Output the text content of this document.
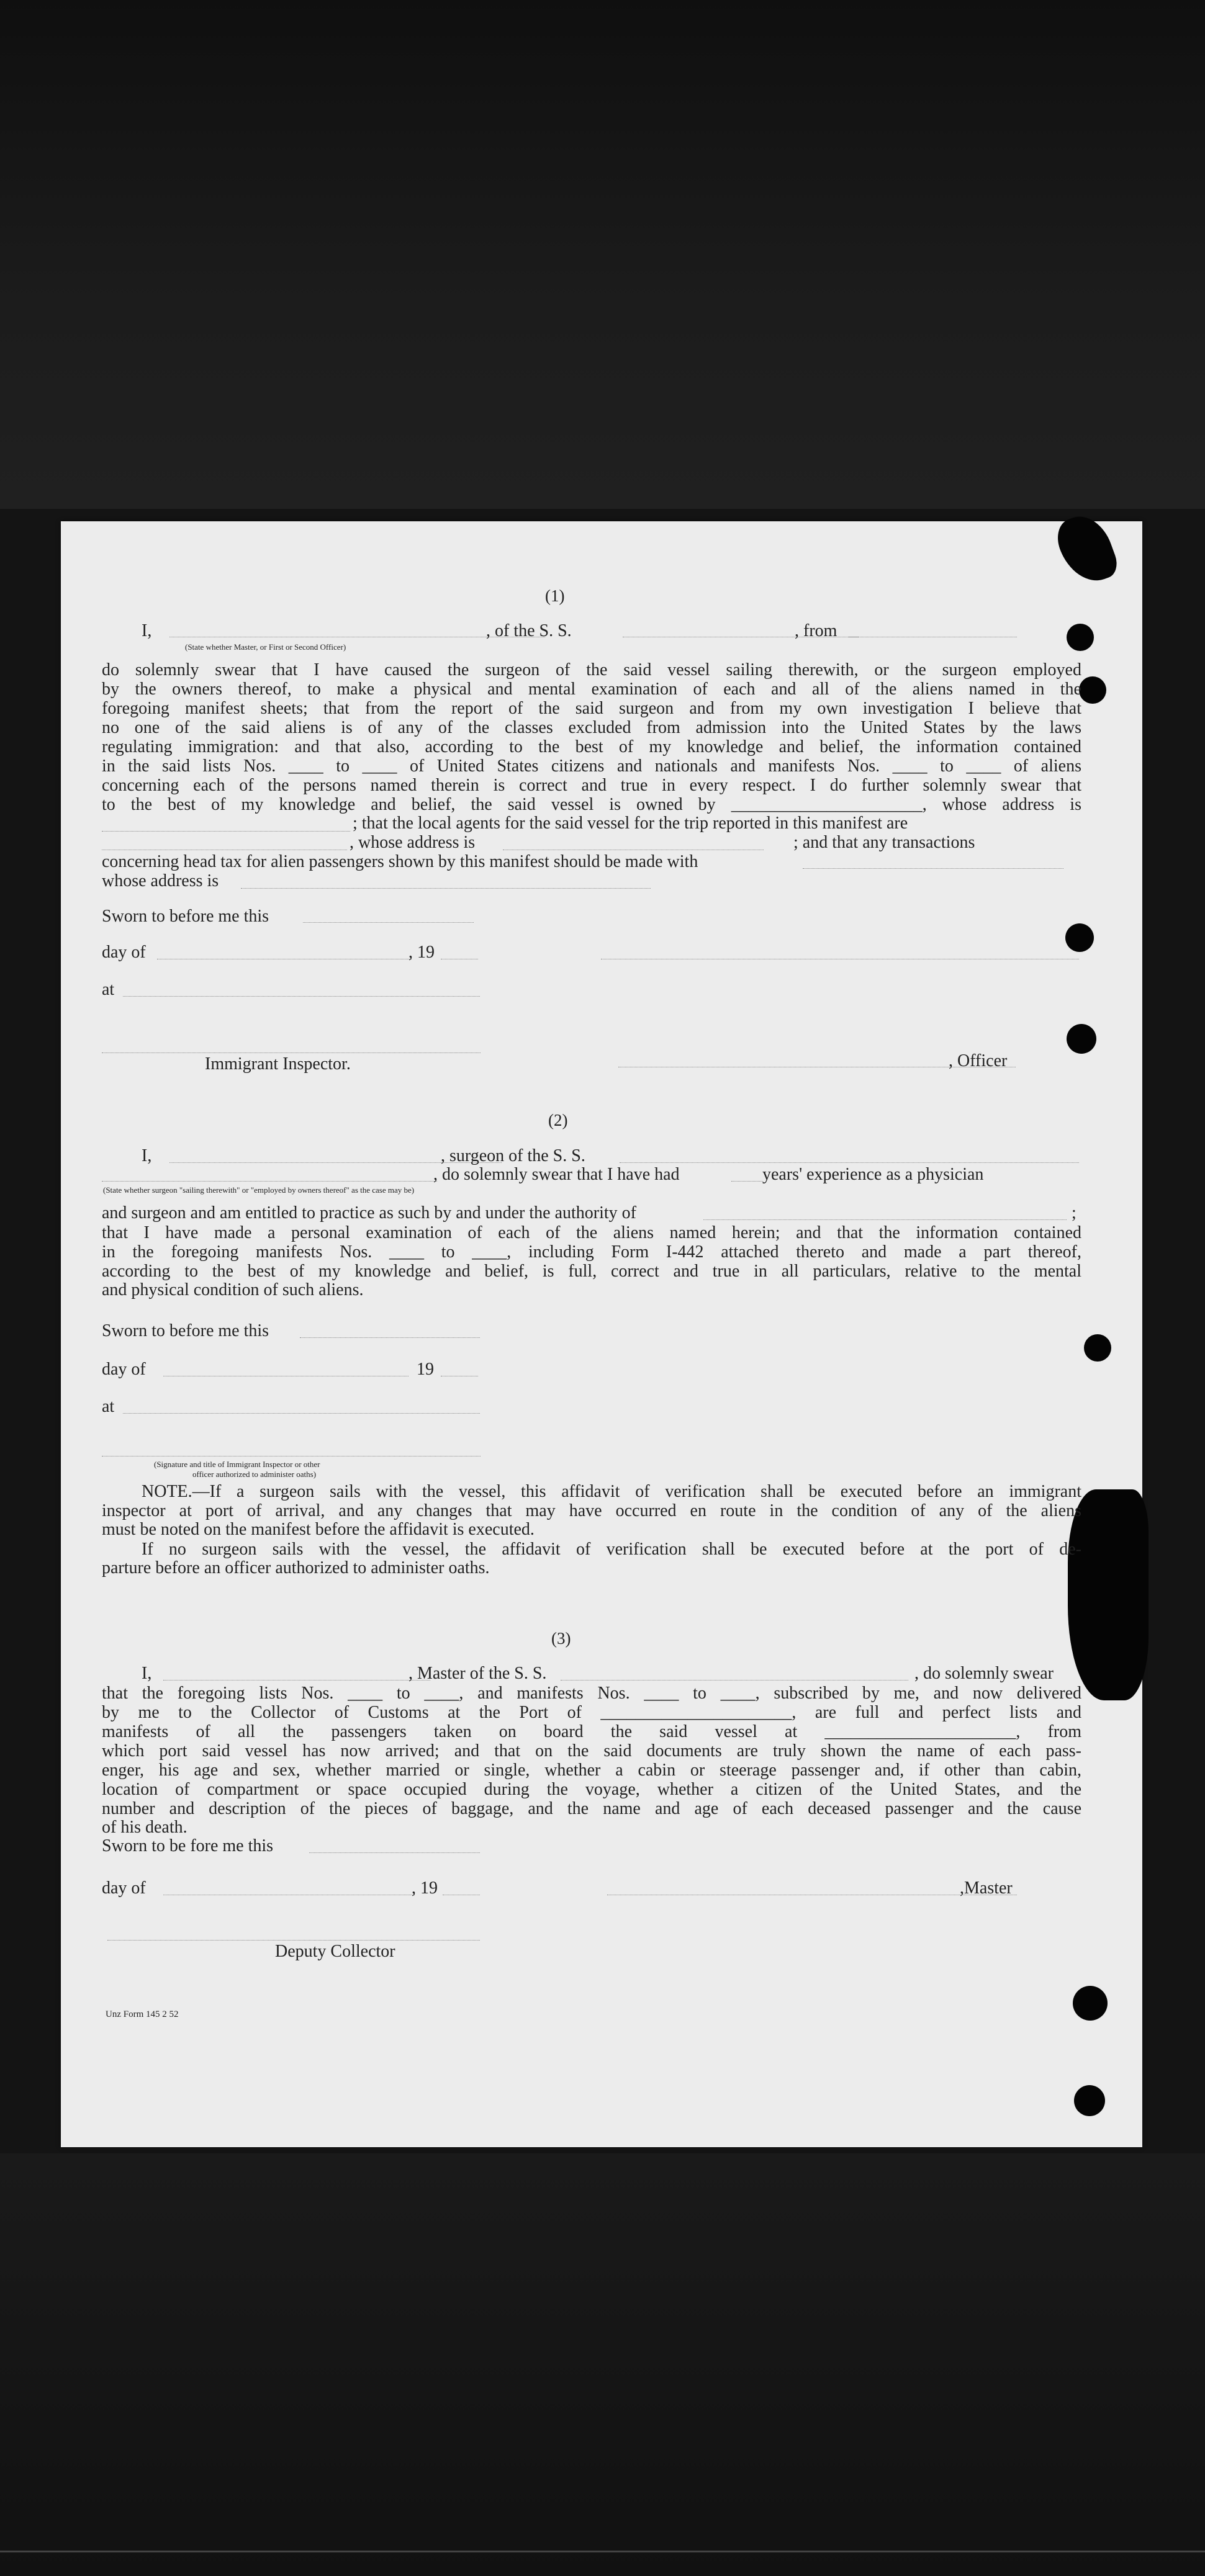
(1)
I,	, of the S. S.	, from
(State whether Master, or First or Second Officer)

do solemnly swear that I have caused the surgeon of the said vessel sailing therewith, or the surgeon employed

by the owners thereof, to make a physical and mental examination of each and all of the aliens named in the

foregoing manifest sheets; that from the report of the said surgeon and from my own investigation I believe that

no one of the said aliens is of any of the classes excluded from admission into the United States by the laws

regulating immigration: and that also, according to the best of my knowledge and belief, the information contained

in the said lists Nos. ____ to ____ of United States citizens and nationals and manifests Nos. ____ to ____ of aliens

concerning each of the persons named therein is correct and true in every respect. I do further solemnly swear that

to the best of my knowledge and belief, the said vessel is owned by ______________________, whose address is

; that the local agents for the said vessel for the trip reported in this manifest are
, whose address is	; and that any transactions
concerning head tax for alien passengers shown by this manifest should be made with
whose address is
Sworn to before me this
day of	, 19
at
Immigrant Inspector.	, Officer
(2)
I,	, surgeon of the S. S.
, do solemnly swear that I have had	years' experience as a physician
(State whether surgeon "sailing therewith" or "employed by owners thereof" as the case may be)
and surgeon and am entitled to practice as such by and under the authority of	;

that I have made a personal examination of each of the aliens named herein; and that the information contained

in the foregoing manifests Nos. ____ to ____, including Form I-442 attached thereto and made a part thereof,

according to the best of my knowledge and belief, is full, correct and true in all particulars, relative to the mental

and physical condition of such aliens.
Sworn to before me this
day of	19
at
(Signature and title of Immigrant Inspector or other
officer authorized to administer oaths)

NOTE.—If a surgeon sails with the vessel, this affidavit of verification shall be executed before an immigrant

inspector at port of arrival, and any changes that may have occurred en route in the condition of any of the aliens

must be noted on the manifest before the affidavit is executed.

If no surgeon sails with the vessel, the affidavit of verification shall be executed before at the port of de-

parture before an officer authorized to administer oaths.
(3)
I,	, Master of the S. S.	, do solemnly swear

that the foregoing lists Nos. ____ to ____, and manifests Nos. ____ to ____, subscribed by me, and now delivered

by me to the Collector of Customs at the Port of ______________________, are full and perfect lists and

manifests of all the passengers taken on board the said vessel at ______________________, from

which port said vessel has now arrived; and that on the said documents are truly shown the name of each pass-

enger, his age and sex, whether married or single, whether a cabin or steerage passenger and, if other than cabin,

location of compartment or space occupied during the voyage, whether a citizen of the United States, and the

number and description of the pieces of baggage, and the name and age of each deceased passenger and the cause

of his death.
Sworn to be fore me this
day of	, 19	,Master
Deputy Collector
Unz Form 145 2 52
